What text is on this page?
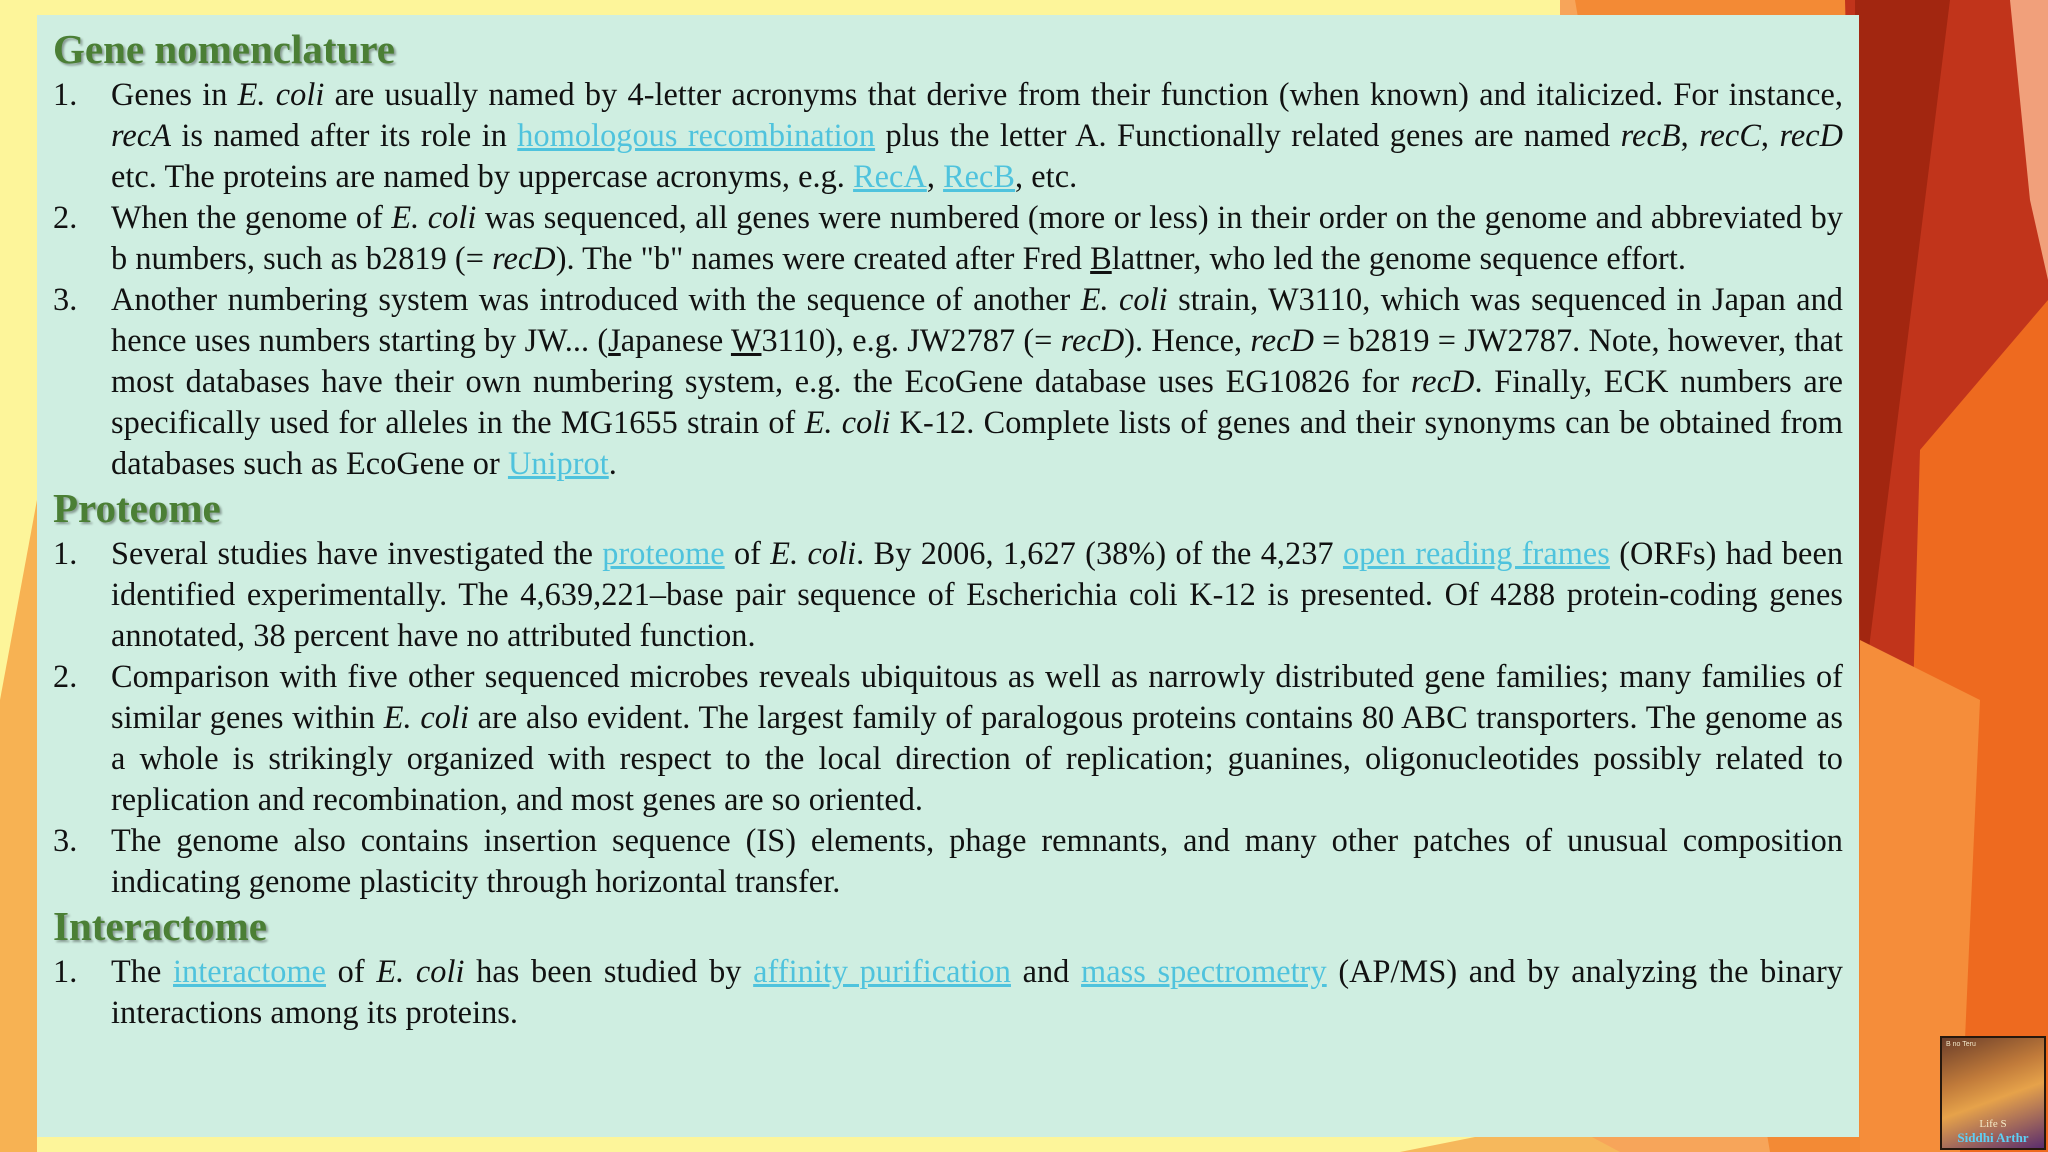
Gene nomenclature
1. Genes in E. coli are usually named by 4-letter acronyms that derive from their function (when known) and italicized. For instance, recA is named after its role in homologous recombination plus the letter A. Functionally related genes are named recB, recC, recD etc. The proteins are named by uppercase acronyms, e.g. RecA, RecB, etc.
2. When the genome of E. coli was sequenced, all genes were numbered (more or less) in their order on the genome and abbreviated by b numbers, such as b2819 (= recD). The "b" names were created after Fred Blattner, who led the genome sequence effort.
3. Another numbering system was introduced with the sequence of another E. coli strain, W3110, which was sequenced in Japan and hence uses numbers starting by JW... (Japanese W3110), e.g. JW2787 (= recD). Hence, recD = b2819 = JW2787. Note, however, that most databases have their own numbering system, e.g. the EcoGene database uses EG10826 for recD. Finally, ECK numbers are specifically used for alleles in the MG1655 strain of E. coli K-12. Complete lists of genes and their synonyms can be obtained from databases such as EcoGene or Uniprot.
Proteome
1. Several studies have investigated the proteome of E. coli. By 2006, 1,627 (38%) of the 4,237 open reading frames (ORFs) had been identified experimentally. The 4,639,221–base pair sequence of Escherichia coli K-12 is presented. Of 4288 protein-coding genes annotated, 38 percent have no attributed function.
2. Comparison with five other sequenced microbes reveals ubiquitous as well as narrowly distributed gene families; many families of similar genes within E. coli are also evident. The largest family of paralogous proteins contains 80 ABC transporters. The genome as a whole is strikingly organized with respect to the local direction of replication; guanines, oligonucleotides possibly related to replication and recombination, and most genes are so oriented.
3. The genome also contains insertion sequence (IS) elements, phage remnants, and many other patches of unusual composition indicating genome plasticity through horizontal transfer.
Interactome
1. The interactome of E. coli has been studied by affinity purification and mass spectrometry (AP/MS) and by analyzing the binary interactions among its proteins.
B no Teru
Life S
Siddhi Arthr
